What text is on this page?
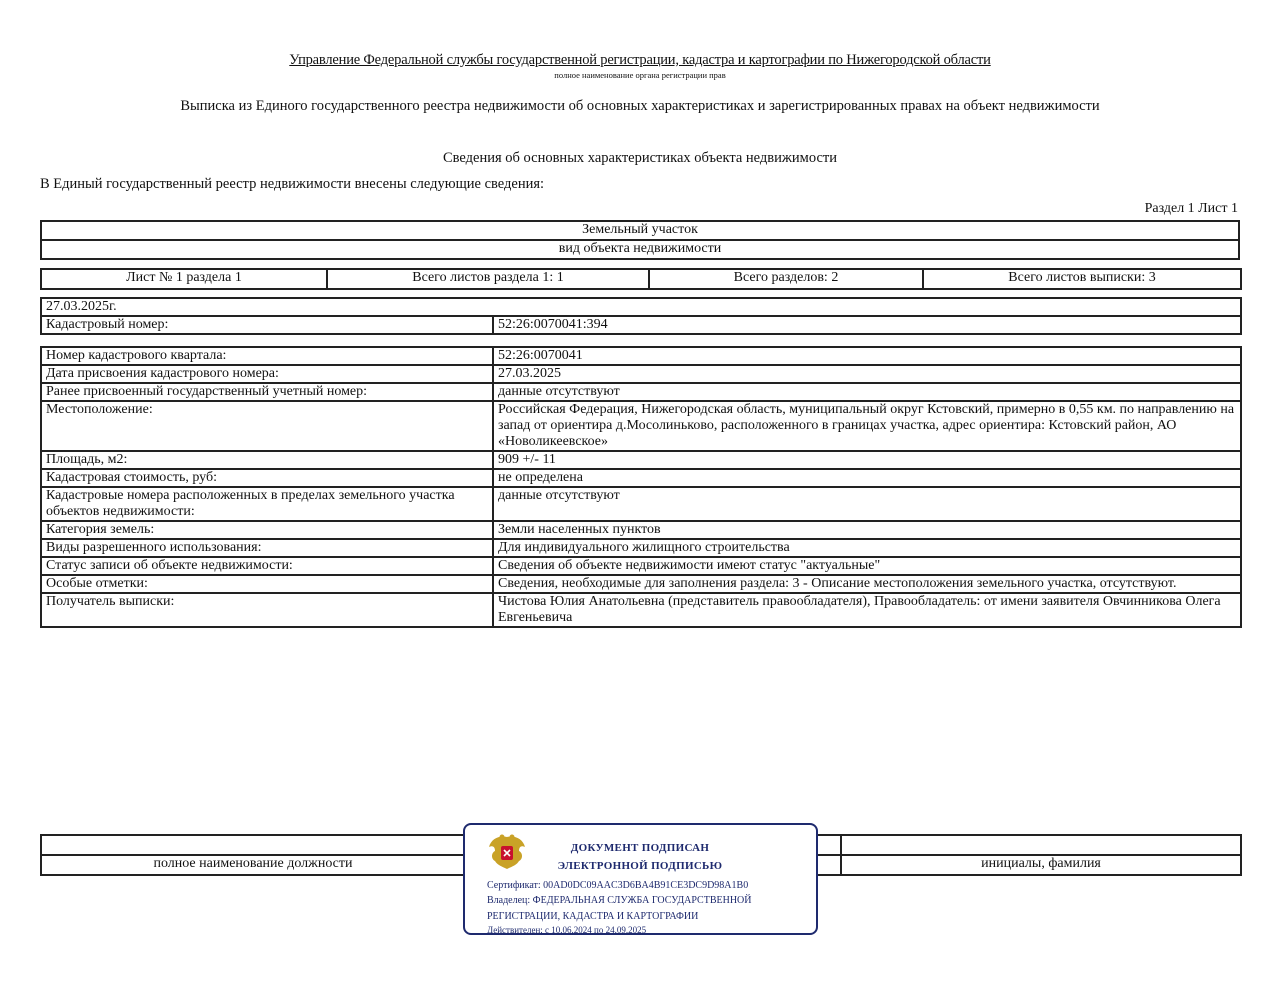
Управление Федеральной службы государственной регистрации, кадастра и картографии по Нижегородской области
полное наименование органа регистрации прав
Выписка из Единого государственного реестра недвижимости об основных характеристиках и зарегистрированных правах на объект недвижимости
Сведения об основных характеристиках объекта недвижимости
В Единый государственный реестр недвижимости внесены следующие сведения:
Раздел 1 Лист 1
Земельный участок
вид объекта недвижимости
Лист № 1 раздела 1	Всего листов раздела 1: 1	Всего разделов: 2	Всего листов выписки: 3
27.03.2025г.
Кадастровый номер:	52:26:0070041:394
Номер кадастрового квартала:	52:26:0070041
Дата присвоения кадастрового номера:	27.03.2025
Ранее присвоенный государственный учетный номер:	данные отсутствуют
Местоположение:	Российская Федерация, Нижегородская область, муниципальный округ Кстовский, примерно в 0,55 км. по направлению на запад от ориентира д.Мосолиньково, расположенного в границах участка, адрес ориентира: Кстовский район, АО «Новоликеевское»
Площадь, м2:	909 +/- 11
Кадастровая стоимость, руб:	не определена
Кадастровые номера расположенных в пределах земельного участка объектов недвижимости:	данные отсутствуют
Категория земель:	Земли населенных пунктов
Виды разрешенного использования:	Для индивидуального жилищного строительства
Статус записи об объекте недвижимости:	Сведения об объекте недвижимости имеют статус "актуальные"
Особые отметки:	Сведения, необходимые для заполнения раздела: 3 - Описание местоположения земельного участка, отсутствуют.
Получатель выписки:	Чистова Юлия Анатольевна (представитель правообладателя), Правообладатель: от имени заявителя Овчинникова Олега Евгеньевича

полное наименование должности		инициалы, фамилия
ДОКУМЕНТ ПОДПИСАН
ЭЛЕКТРОННОЙ ПОДПИСЬЮ
Сертификат: 00AD0DC09AAC3D6BA4B91CE3DC9D98A1B0
Владелец: ФЕДЕРАЛЬНАЯ СЛУЖБА ГОСУДАРСТВЕННОЙ
РЕГИСТРАЦИИ, КАДАСТРА И КАРТОГРАФИИ
Действителен: с 10.06.2024 по 24.09.2025
